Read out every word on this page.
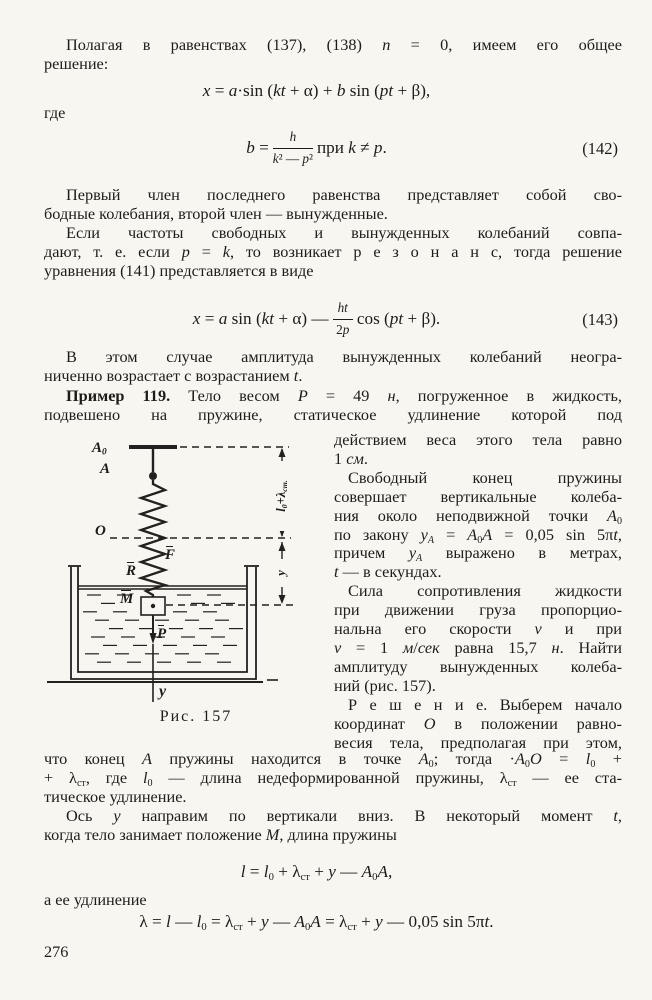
Полагая в равенствах (137), (138) n = 0, имеем его общее
решение:
x = a·sin (kt + α) + b sin (pt + β),
где
$b = \frac{h}{\text{k² — p²}}$ при k ≠ p.	(142)
Первый член последнего равенства представляет собой сво-
бодные колебания, второй член — вынужденные.
Если частоты свободных и вынужденных колебаний совпа-
дают, т. е. если p = k, то возникает р е з о н а н с, тогда решение
уравнения (141) представляется в виде
x = a sin (kt + α) — $\frac{ht}{2p}$ cos (pt + β).	(143)
В этом случае амплитуда вынужденных колебаний неогра-
ниченно возрастает с возрастанием t.
Пример 119. Тело весом P = 49 н, погруженное в жидкость,
подвешено на пружине, статическое удлинение которой под
$A_0$
A
O
F
R
M
P
y
$l_0+\lambda_{ст.}$
y
Рис. 157
действием веса этого тела равно
1 см.
Свободный конец пружины
совершает вертикальные колеба-
ния около неподвижной точки $A_0$
по закону $y_A = A_0A = 0,05$ sin 5πt,
причем $y_A$ выражено в метрах,
t — в секундах.
Сила сопротивления жидкости
при движении груза пропорцио-
нальна его скорости v и при
v = 1 м/сек равна 15,7 н. Найти
амплитуду вынужденных колеба-
ний (рис. 157).
Р е ш е н и е. Выберем начало
координат O в положении равно-
весия тела, предполагая при этом,
что конец A пружины находится в точке $A_0$; тогда $\cdot A_0O = l_0$ +
+ $\lambda_{ст}$, где $l_0$ — длина недеформированной пружины, $\lambda_{ст}$ — ее ста-
тическое удлинение.
Ось y направим по вертикали вниз. В некоторый момент t,
когда тело занимает положение M, длина пружины
$l = l_0 + \lambda_{ст} + y$ — $A_0A$,
а ее удлинение
λ = l — $l_0 = \lambda_{ст} + y$ — $A_0A = \lambda_{ст} + y$ — 0,05 sin 5πt.
276
